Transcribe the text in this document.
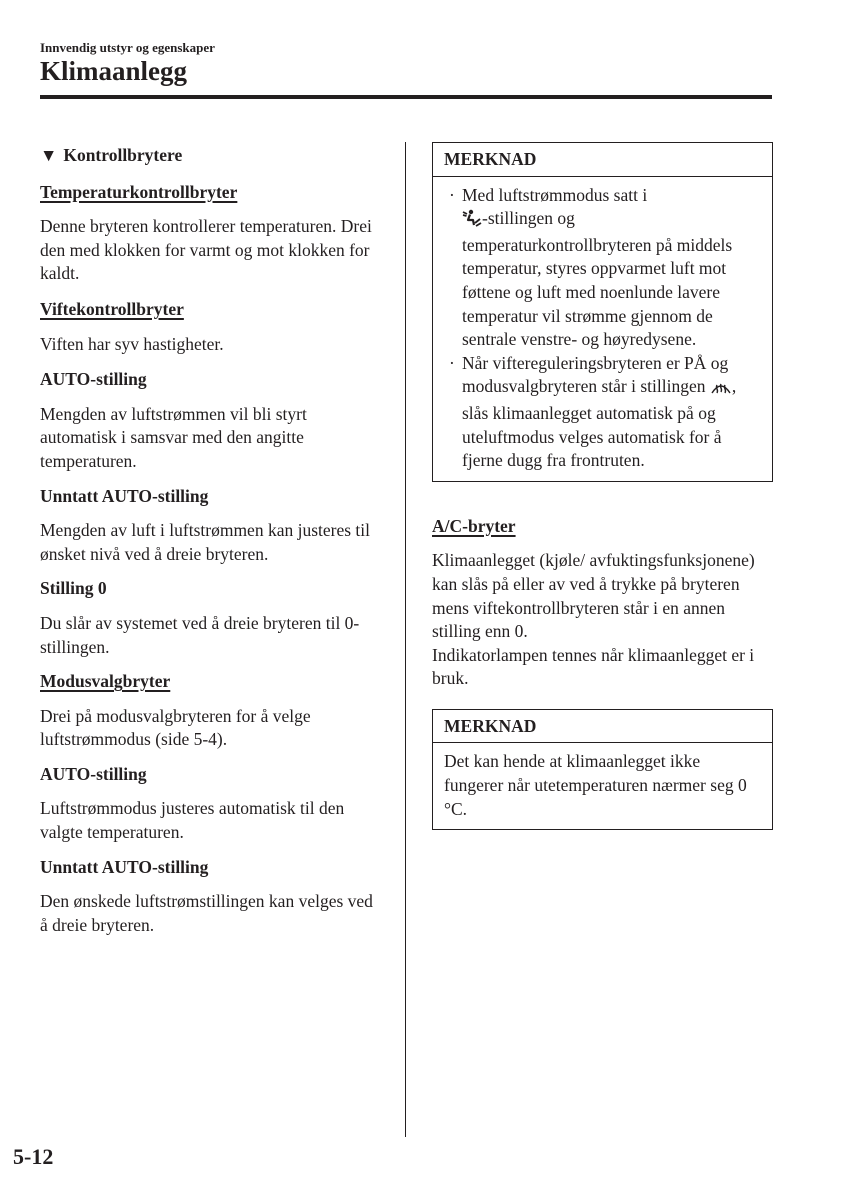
Innvendig utstyr og egenskaper
Klimaanlegg

▼ Kontrollbrytere

Temperaturkontrollbryter

Denne bryteren kontrollerer temperaturen. Drei den med klokken for varmt og mot klokken for kaldt.

Viftekontrollbryter

Viften har syv hastigheter.

AUTO-stilling

Mengden av luftstrømmen vil bli styrt automatisk i samsvar med den angitte temperaturen.

Unntatt AUTO-stilling

Mengden av luft i luftstrømmen kan justeres til ønsket nivå ved å dreie bryteren.

Stilling 0

Du slår av systemet ved å dreie bryteren til 0-stillingen.

Modusvalgbryter

Drei på modusvalgbryteren for å velge luftstrømmodus (side 5-4).

AUTO-stilling

Luftstrømmodus justeres automatisk til den valgte temperaturen.

Unntatt AUTO-stilling

Den ønskede luftstrømstillingen kan velges ved å dreie bryteren.

MERKNAD
· Med luftstrømmodus satt i
-stillingen og temperaturkontrollbryteren på middels temperatur, styres oppvarmet luft mot føttene og luft med noenlunde lavere temperatur vil strømme gjennom de sentrale venstre- og høyredysene.
· Når viftereguleringsbryteren er PÅ og modusvalgbryteren står i stillingen , slås klimaanlegget automatisk på og uteluftmodus velges automatisk for å fjerne dugg fra frontruten.

A/C-bryter

Klimaanlegget (kjøle/ avfuktingsfunksjonene) kan slås på eller av ved å trykke på bryteren mens viftekontrollbryteren står i en annen stilling enn 0.

Indikatorlampen tennes når klimaanlegget er i bruk.

MERKNAD
Det kan hende at klimaanlegget ikke fungerer når utetemperaturen nærmer seg 0 °C.
5-12
